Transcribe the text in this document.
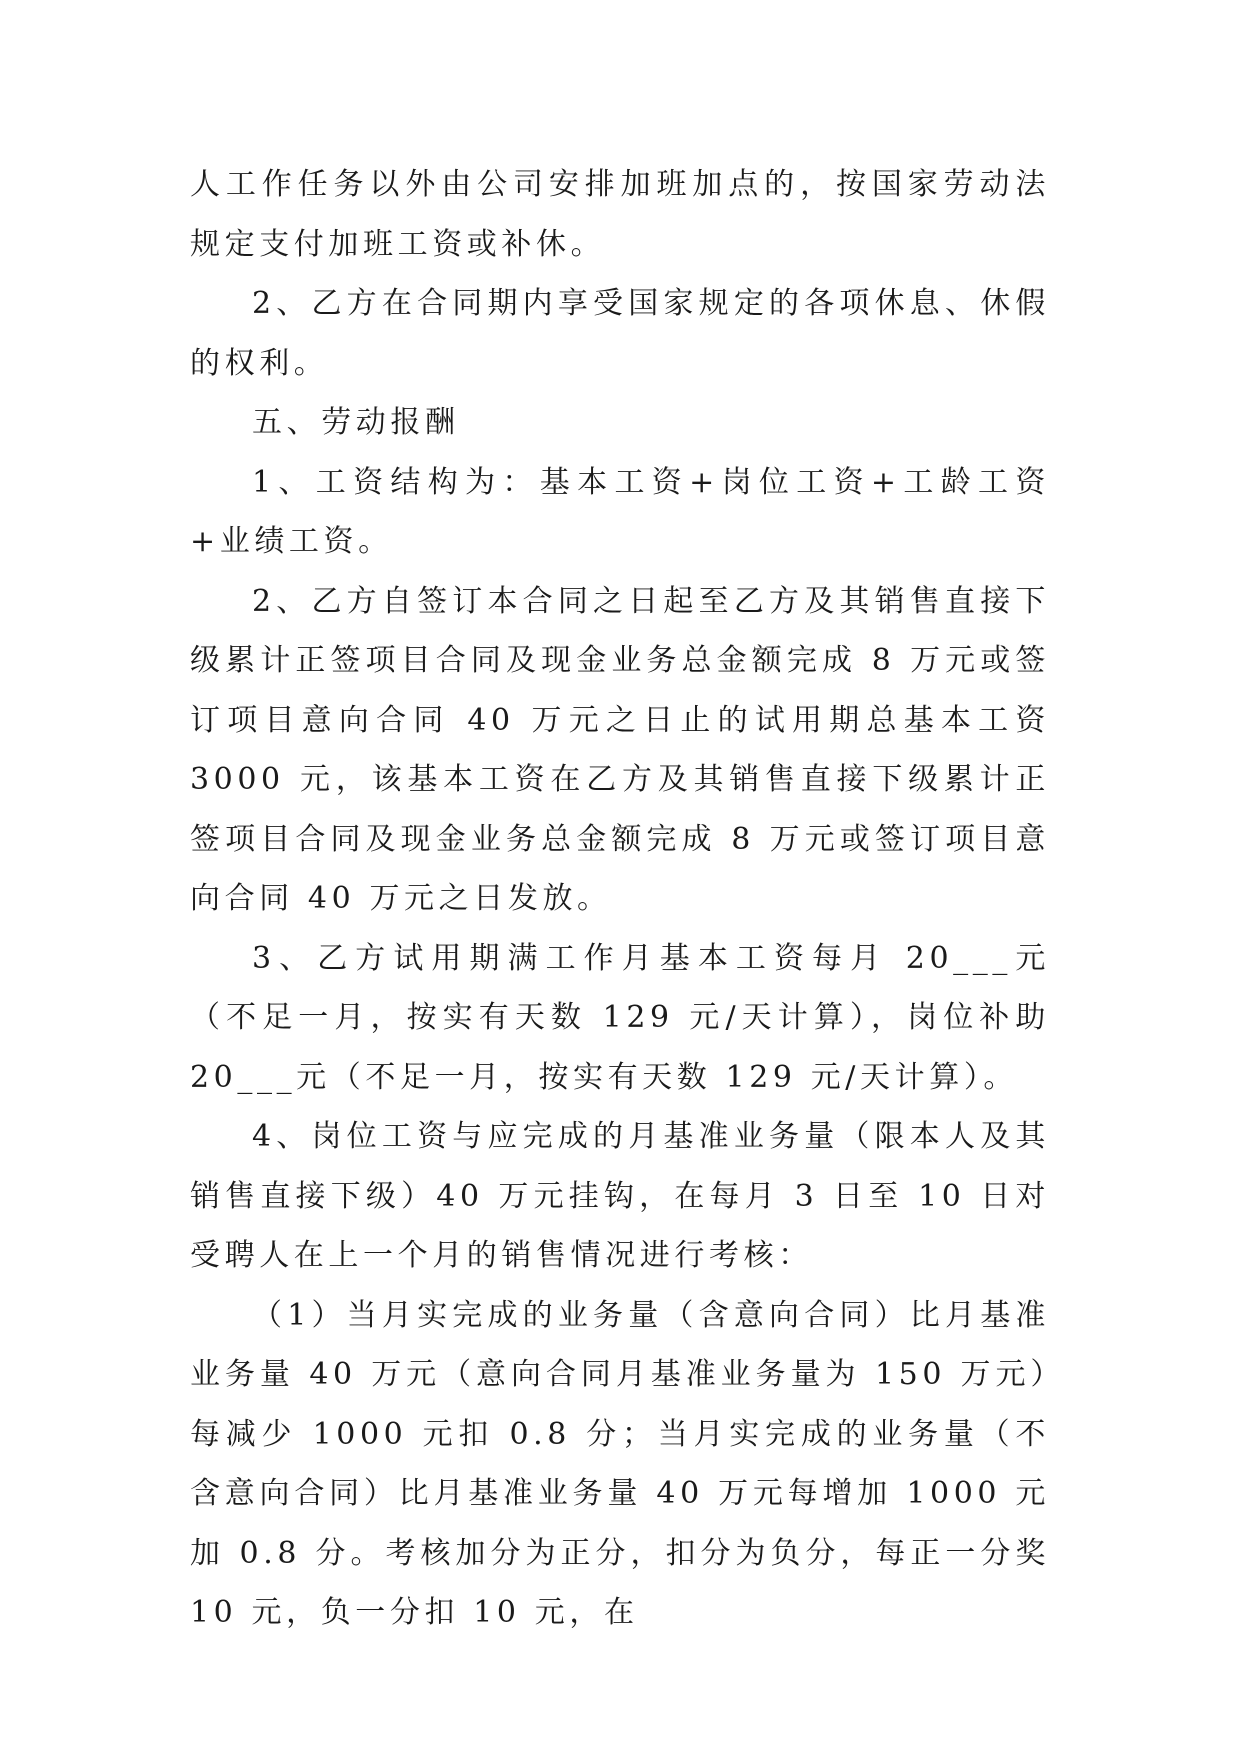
人工作任务以外由公司安排加班加点的，按国家劳动法规定支付加班工资或补休。

2、乙方在合同期内享受国家规定的各项休息、休假的权利。

五、劳动报酬

1、工资结构为：基本工资+岗位工资+工龄工资+业绩工资。

2、乙方自签订本合同之日起至乙方及其销售直接下级累计正签项目合同及现金业务总金额完成 8 万元或签订项目意向合同 40 万元之日止的试用期总基本工资 3000 元，该基本工资在乙方及其销售直接下级累计正签项目合同及现金业务总金额完成 8 万元或签订项目意向合同 40 万元之日发放。

3、乙方试用期满工作月基本工资每月 20___元（不足一月，按实有天数 129 元/天计算），岗位补助 20___元（不足一月，按实有天数 129 元/天计算）。

4、岗位工资与应完成的月基准业务量（限本人及其销售直接下级）40 万元挂钩，在每月 3 日至 10 日对受聘人在上一个月的销售情况进行考核：

（1）当月实完成的业务量（含意向合同）比月基准业务量 40 万元（意向合同月基准业务量为 150 万元）每减少 1000 元扣 0.8 分；当月实完成的业务量（不含意向合同）比月基准业务量 40 万元每增加 1000 元加 0.8 分。考核加分为正分，扣分为负分，每正一分奖 10 元，负一分扣 10 元，在
